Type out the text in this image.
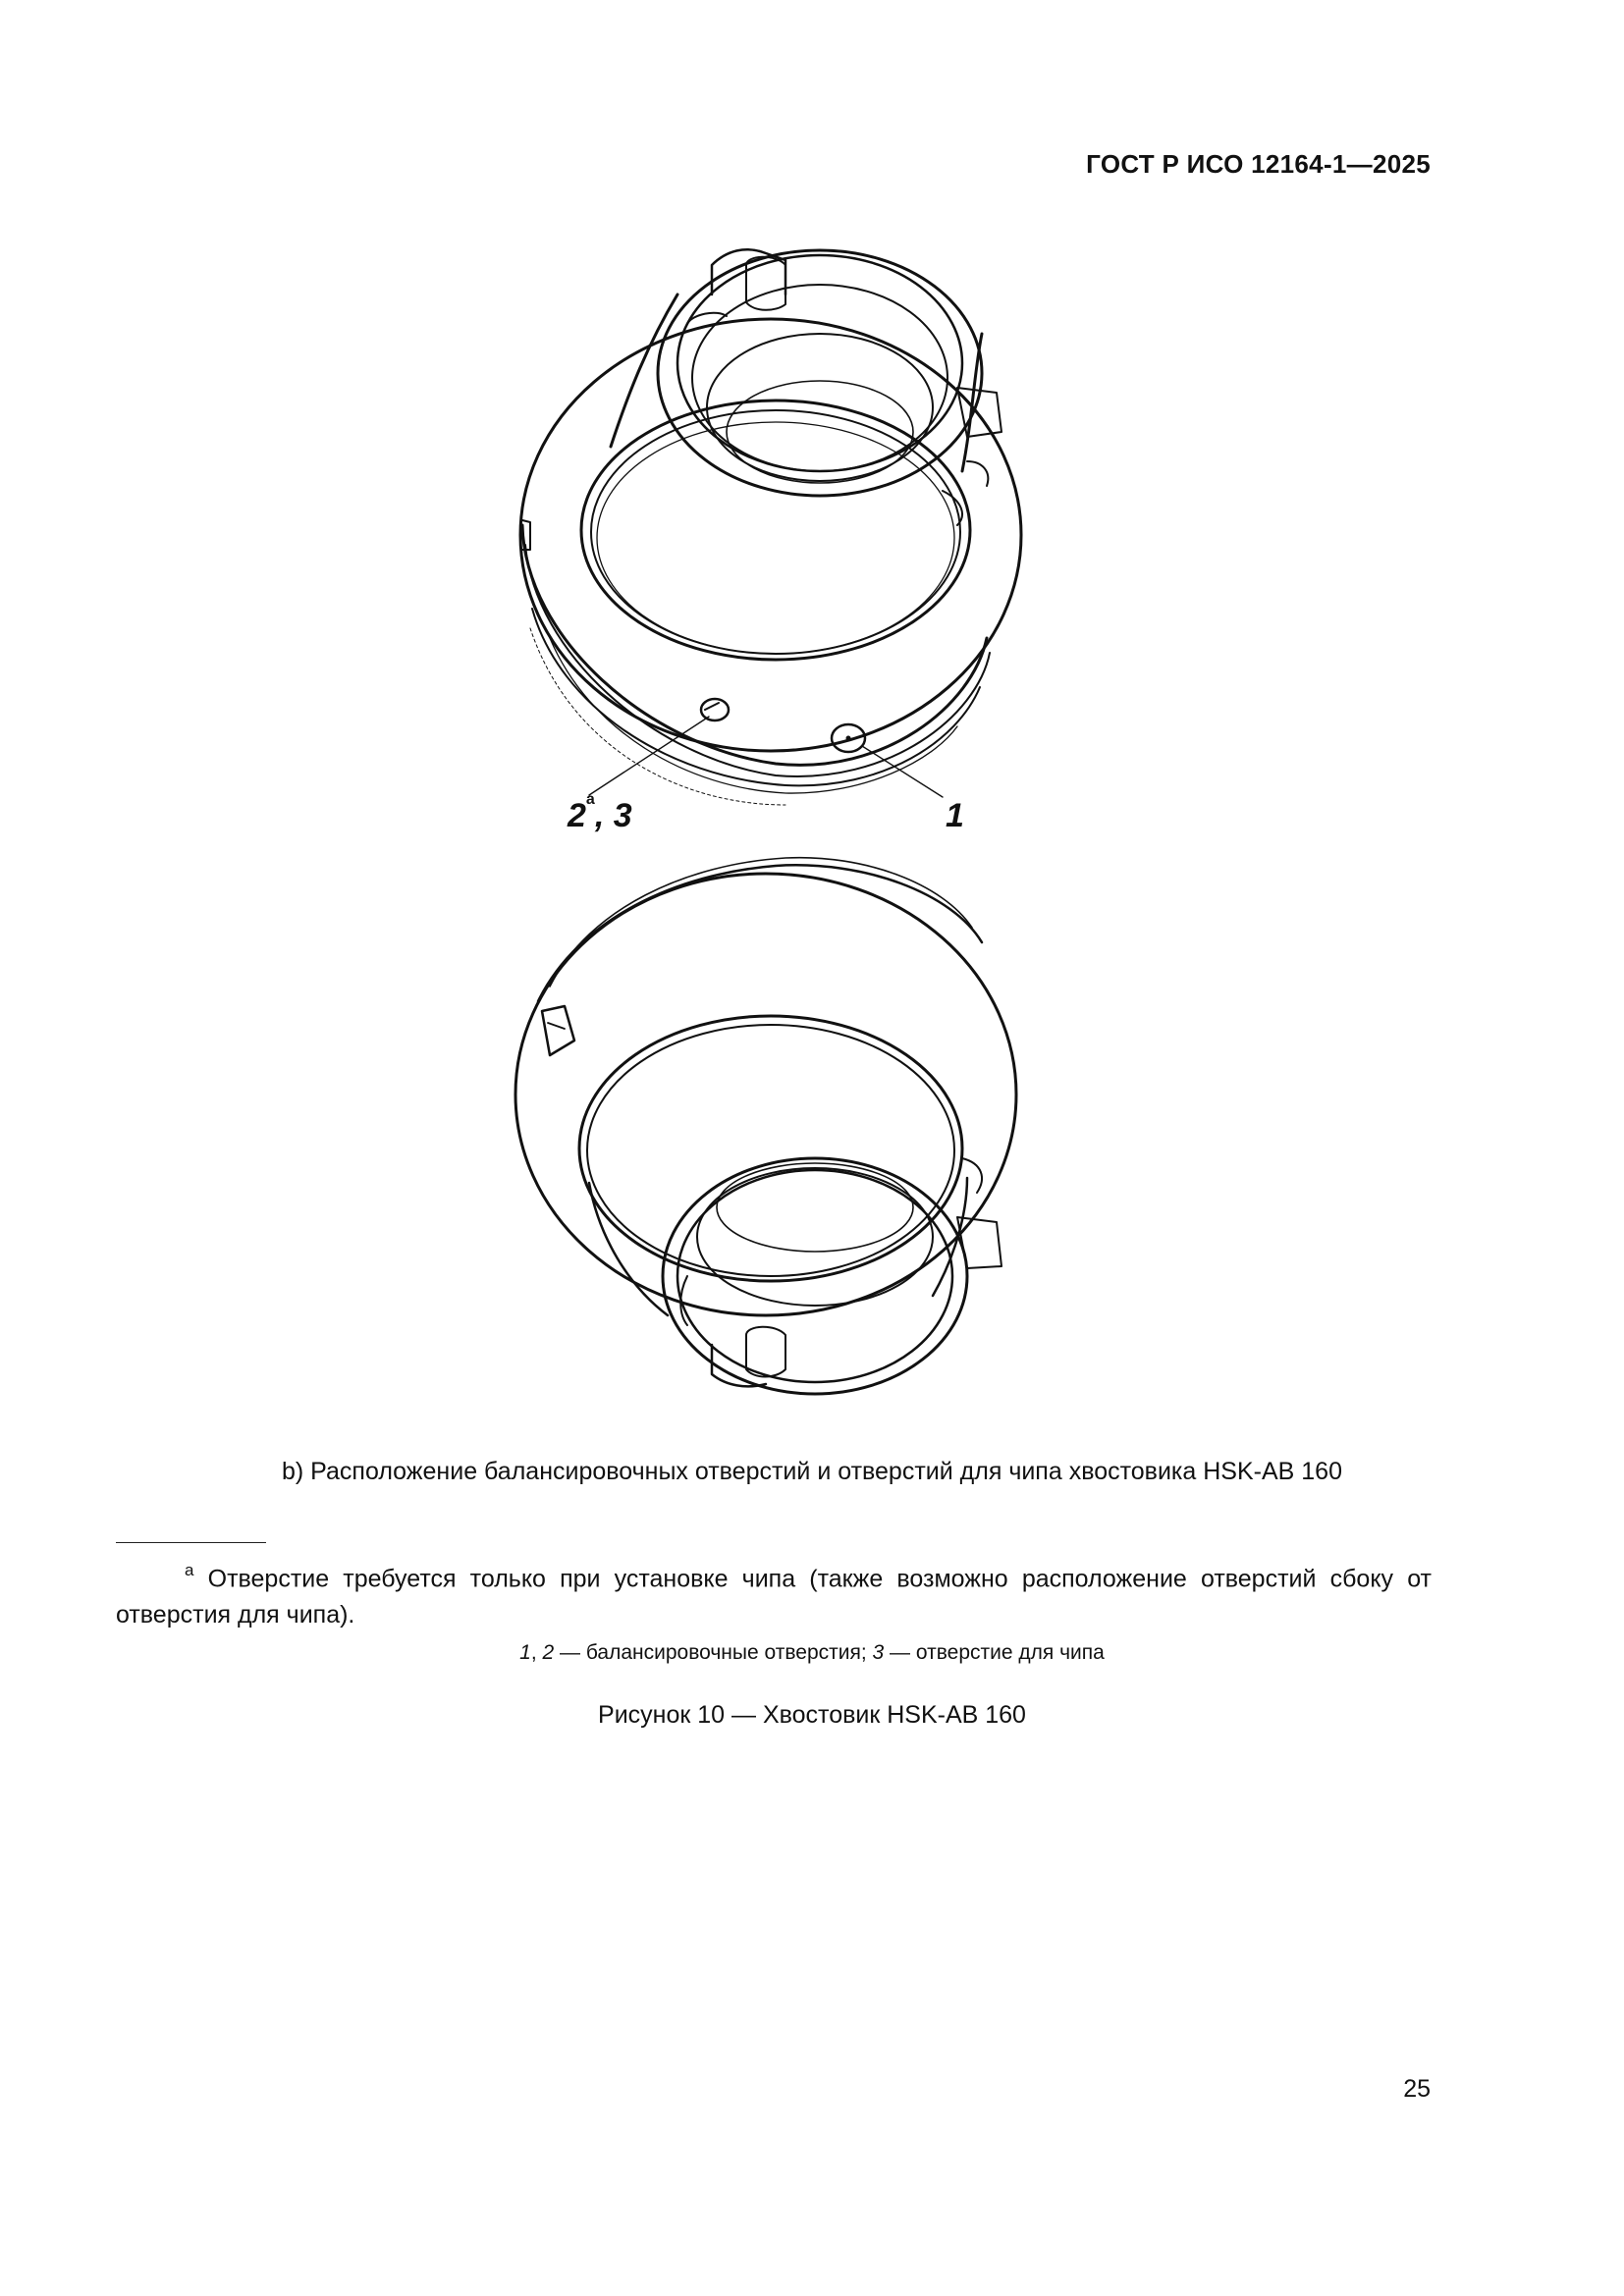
ГОСТ Р ИСО 12164-1—2025
2$^a$, 3	1
b) Расположение балансировочных отверстий и отверстий для чипа хвостовика HSK-AB 160
$^a$ Отверстие требуется только при установке чипа (также возможно расположение отверстий сбоку от отверстия для чипа).
1, 2 — балансировочные отверстия; 3 — отверстие для чипа
Рисунок 10 — Хвостовик HSK-AB 160
25
